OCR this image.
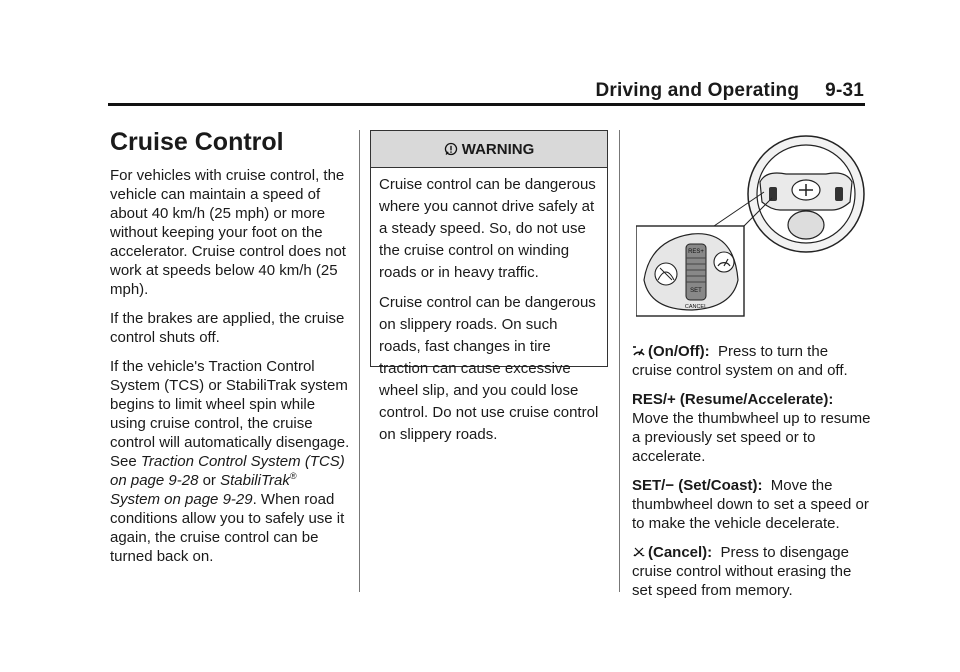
Driving and Operating 9-31
Cruise Control

For vehicles with cruise control, the vehicle can maintain a speed of about 40 km/h (25 mph) or more without keeping your foot on the accelerator. Cruise control does not work at speeds below 40 km/h (25 mph).

If the brakes are applied, the cruise control shuts off.

If the vehicle's Traction Control System (TCS) or StabiliTrak system begins to limit wheel spin while using cruise control, the cruise control will automatically disengage. See Traction Control System (TCS) on page 9-28 or StabiliTrak® System on page 9-29. When road conditions allow you to safely use it again, the cruise control can be turned back on.

WARNING

Cruise control can be dangerous where you cannot drive safely at a steady speed. So, do not use the cruise control on winding roads or in heavy traffic.

Cruise control can be dangerous on slippery roads. On such roads, fast changes in tire traction can cause excessive wheel slip, and you could lose control. Do not use cruise control on slippery roads.

RES+
SET
CANCEL

(On/Off): Press to turn the cruise control system on and off.

RES/+ (Resume/Accelerate):
Move the thumbwheel up to resume a previously set speed or to accelerate.

SET/− (Set/Coast): Move the thumbwheel down to set a speed or to make the vehicle decelerate.

(Cancel): Press to disengage cruise control without erasing the set speed from memory.
